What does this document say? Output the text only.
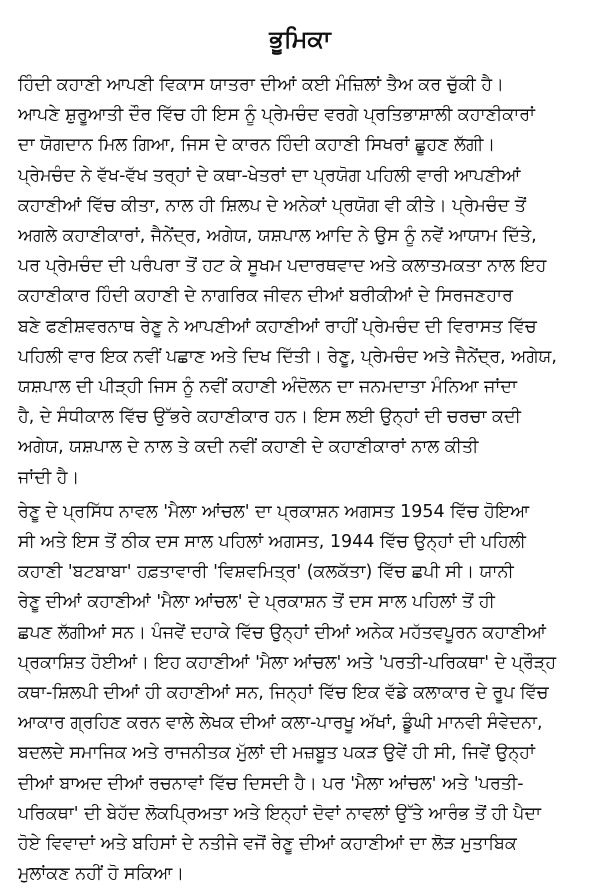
ਭੂਮਿਕਾ
ਹਿੰਦੀ ਕਹਾਣੀ ਆਪਣੀ ਵਿਕਾਸ ਯਾਤਰਾ ਦੀਆਂ ਕਈ ਮੰਜ਼ਿਲਾਂ ਤੈਅ ਕਰ ਚੁੱਕੀ ਹੈ।
ਆਪਣੇ ਸ਼ੁਰੂਆਤੀ ਦੌਰ ਵਿੱਚ ਹੀ ਇਸ ਨੂੰ ਪ੍ਰੇਮਚੰਦ ਵਰਗੇ ਪ੍ਰਤਿਭਾਸ਼ਾਲੀ ਕਹਾਣੀਕਾਰਾਂ
ਦਾ ਯੋਗਦਾਨ ਮਿਲ ਗਿਆ, ਜਿਸ ਦੇ ਕਾਰਨ ਹਿੰਦੀ ਕਹਾਣੀ ਸਿਖਰਾਂ ਛੂਹਣ ਲੱਗੀ।
ਪ੍ਰੇਮਚੰਦ ਨੇ ਵੱਖ-ਵੱਖ ਤਰ੍ਹਾਂ ਦੇ ਕਥਾ-ਖੇਤਰਾਂ ਦਾ ਪ੍ਰਯੋਗ ਪਹਿਲੀ ਵਾਰੀ ਆਪਣੀਆਂ
ਕਹਾਣੀਆਂ ਵਿੱਚ ਕੀਤਾ, ਨਾਲ ਹੀ ਸ਼ਿਲਪ ਦੇ ਅਨੇਕਾਂ ਪ੍ਰਯੋਗ ਵੀ ਕੀਤੇ। ਪ੍ਰੇਮਚੰਦ ਤੋਂ
ਅਗਲੇ ਕਹਾਣੀਕਾਰਾਂ, ਜੈਨੇਂਦ੍ਰ, ਅਗੇਯ, ਯਸ਼ਪਾਲ ਆਦਿ ਨੇ ਉਸ ਨੂੰ ਨਵੇਂ ਆਯਾਮ ਦਿੱਤੇ,
ਪਰ ਪ੍ਰੇਮਚੰਦ ਦੀ ਪਰੰਪਰਾ ਤੋਂ ਹਟ ਕੇ ਸੂਖਮ ਪਦਾਰਥਵਾਦ ਅਤੇ ਕਲਾਤਮਕਤਾ ਨਾਲ ਇਹ
ਕਹਾਣੀਕਾਰ ਹਿੰਦੀ ਕਹਾਣੀ ਦੇ ਨਾਗਰਿਕ ਜੀਵਨ ਦੀਆਂ ਬਰੀਕੀਆਂ ਦੇ ਸਿਰਜਣਹਾਰ
ਬਣੇ ਫਣੀਸ਼ਵਰਨਾਥ ਰੇਣੂ ਨੇ ਆਪਣੀਆਂ ਕਹਾਣੀਆਂ ਰਾਹੀਂ ਪ੍ਰੇਮਚੰਦ ਦੀ ਵਿਰਾਸਤ ਵਿੱਚ
ਪਹਿਲੀ ਵਾਰ ਇਕ ਨਵੀਂ ਪਛਾਣ ਅਤੇ ਦਿਖ ਦਿੱਤੀ। ਰੇਣੂ, ਪ੍ਰੇਮਚੰਦ ਅਤੇ ਜੈਨੇਂਦ੍ਰ, ਅਗੇਯ,
ਯਸ਼ਪਾਲ ਦੀ ਪੀੜ੍ਹੀ ਜਿਸ ਨੂੰ ਨਵੀਂ ਕਹਾਣੀ ਅੰਦੋਲਨ ਦਾ ਜਨਮਦਾਤਾ ਮੰਨਿਆ ਜਾਂਦਾ
ਹੈ, ਦੇ ਸੰਧੀਕਾਲ ਵਿੱਚ ਉੱਭਰੇ ਕਹਾਣੀਕਾਰ ਹਨ। ਇਸ ਲਈ ਉਨ੍ਹਾਂ ਦੀ ਚਰਚਾ ਕਦੀ
ਅਗੇਯ, ਯਸ਼ਪਾਲ ਦੇ ਨਾਲ ਤੇ ਕਦੀ ਨਵੀਂ ਕਹਾਣੀ ਦੇ ਕਹਾਣੀਕਾਰਾਂ ਨਾਲ ਕੀਤੀ
ਜਾਂਦੀ ਹੈ।
ਰੇਣੂ ਦੇ ਪ੍ਰਸਿੱਧ ਨਾਵਲ 'ਮੈਲਾ ਆਂਚਲ' ਦਾ ਪ੍ਰਕਾਸ਼ਨ ਅਗਸਤ 1954 ਵਿੱਚ ਹੋਇਆ
ਸੀ ਅਤੇ ਇਸ ਤੋਂ ਠੀਕ ਦਸ ਸਾਲ ਪਹਿਲਾਂ ਅਗਸਤ, 1944 ਵਿੱਚ ਉਨ੍ਹਾਂ ਦੀ ਪਹਿਲੀ
ਕਹਾਣੀ 'ਬਟਬਾਬਾ' ਹਫ਼ਤਾਵਾਰੀ 'ਵਿਸ਼ਵਮਿਤ੍ਰ' (ਕਲਕੱਤਾ) ਵਿੱਚ ਛਪੀ ਸੀ। ਯਾਨੀ
ਰੇਣੂ ਦੀਆਂ ਕਹਾਣੀਆਂ 'ਮੈਲਾ ਆਂਚਲ' ਦੇ ਪ੍ਰਕਾਸ਼ਨ ਤੋਂ ਦਸ ਸਾਲ ਪਹਿਲਾਂ ਤੋਂ ਹੀ
ਛਪਣ ਲੱਗੀਆਂ ਸਨ। ਪੰਜਵੇਂ ਦਹਾਕੇ ਵਿੱਚ ਉਨ੍ਹਾਂ ਦੀਆਂ ਅਨੇਕ ਮਹੱਤਵਪੂਰਨ ਕਹਾਣੀਆਂ
ਪ੍ਰਕਾਸ਼ਿਤ ਹੋਈਆਂ। ਇਹ ਕਹਾਣੀਆਂ 'ਮੈਲਾ ਆਂਚਲ' ਅਤੇ 'ਪਰਤੀ-ਪਰਿਕਥਾ' ਦੇ ਪ੍ਰੌੜ੍ਹ
ਕਥਾ-ਸ਼ਿਲਪੀ ਦੀਆਂ ਹੀ ਕਹਾਣੀਆਂ ਸਨ, ਜਿਨ੍ਹਾਂ ਵਿੱਚ ਇਕ ਵੱਡੇ ਕਲਾਕਾਰ ਦੇ ਰੂਪ ਵਿੱਚ
ਆਕਾਰ ਗ੍ਰਹਿਣ ਕਰਨ ਵਾਲੇ ਲੇਖਕ ਦੀਆਂ ਕਲਾ-ਪਾਰਖੂ ਅੱਖਾਂ, ਡੂੰਘੀ ਮਾਨਵੀ ਸੰਵੇਦਨਾ,
ਬਦਲਦੇ ਸਮਾਜਿਕ ਅਤੇ ਰਾਜਨੀਤਕ ਮੁੱਲਾਂ ਦੀ ਮਜ਼ਬੂਤ ਪਕੜ ਉਵੇਂ ਹੀ ਸੀ, ਜਿਵੇਂ ਉਨ੍ਹਾਂ
ਦੀਆਂ ਬਾਅਦ ਦੀਆਂ ਰਚਨਾਵਾਂ ਵਿੱਚ ਦਿਸਦੀ ਹੈ। ਪਰ 'ਮੈਲਾ ਆਂਚਲ' ਅਤੇ 'ਪਰਤੀ-
ਪਰਿਕਥਾ' ਦੀ ਬੇਹੱਦ ਲੋਕਪ੍ਰਿਅਤਾ ਅਤੇ ਇਨ੍ਹਾਂ ਦੋਵਾਂ ਨਾਵਲਾਂ ਉੱਤੇ ਆਰੰਭ ਤੋਂ ਹੀ ਪੈਦਾ
ਹੋਏ ਵਿਵਾਦਾਂ ਅਤੇ ਬਹਿਸਾਂ ਦੇ ਨਤੀਜੇ ਵਜੋਂ ਰੇਣੂ ਦੀਆਂ ਕਹਾਣੀਆਂ ਦਾ ਲੋੜ ਮੁਤਾਬਿਕ
ਮੁਲਾਂਕਣ ਨਹੀਂ ਹੋ ਸਕਿਆ।
